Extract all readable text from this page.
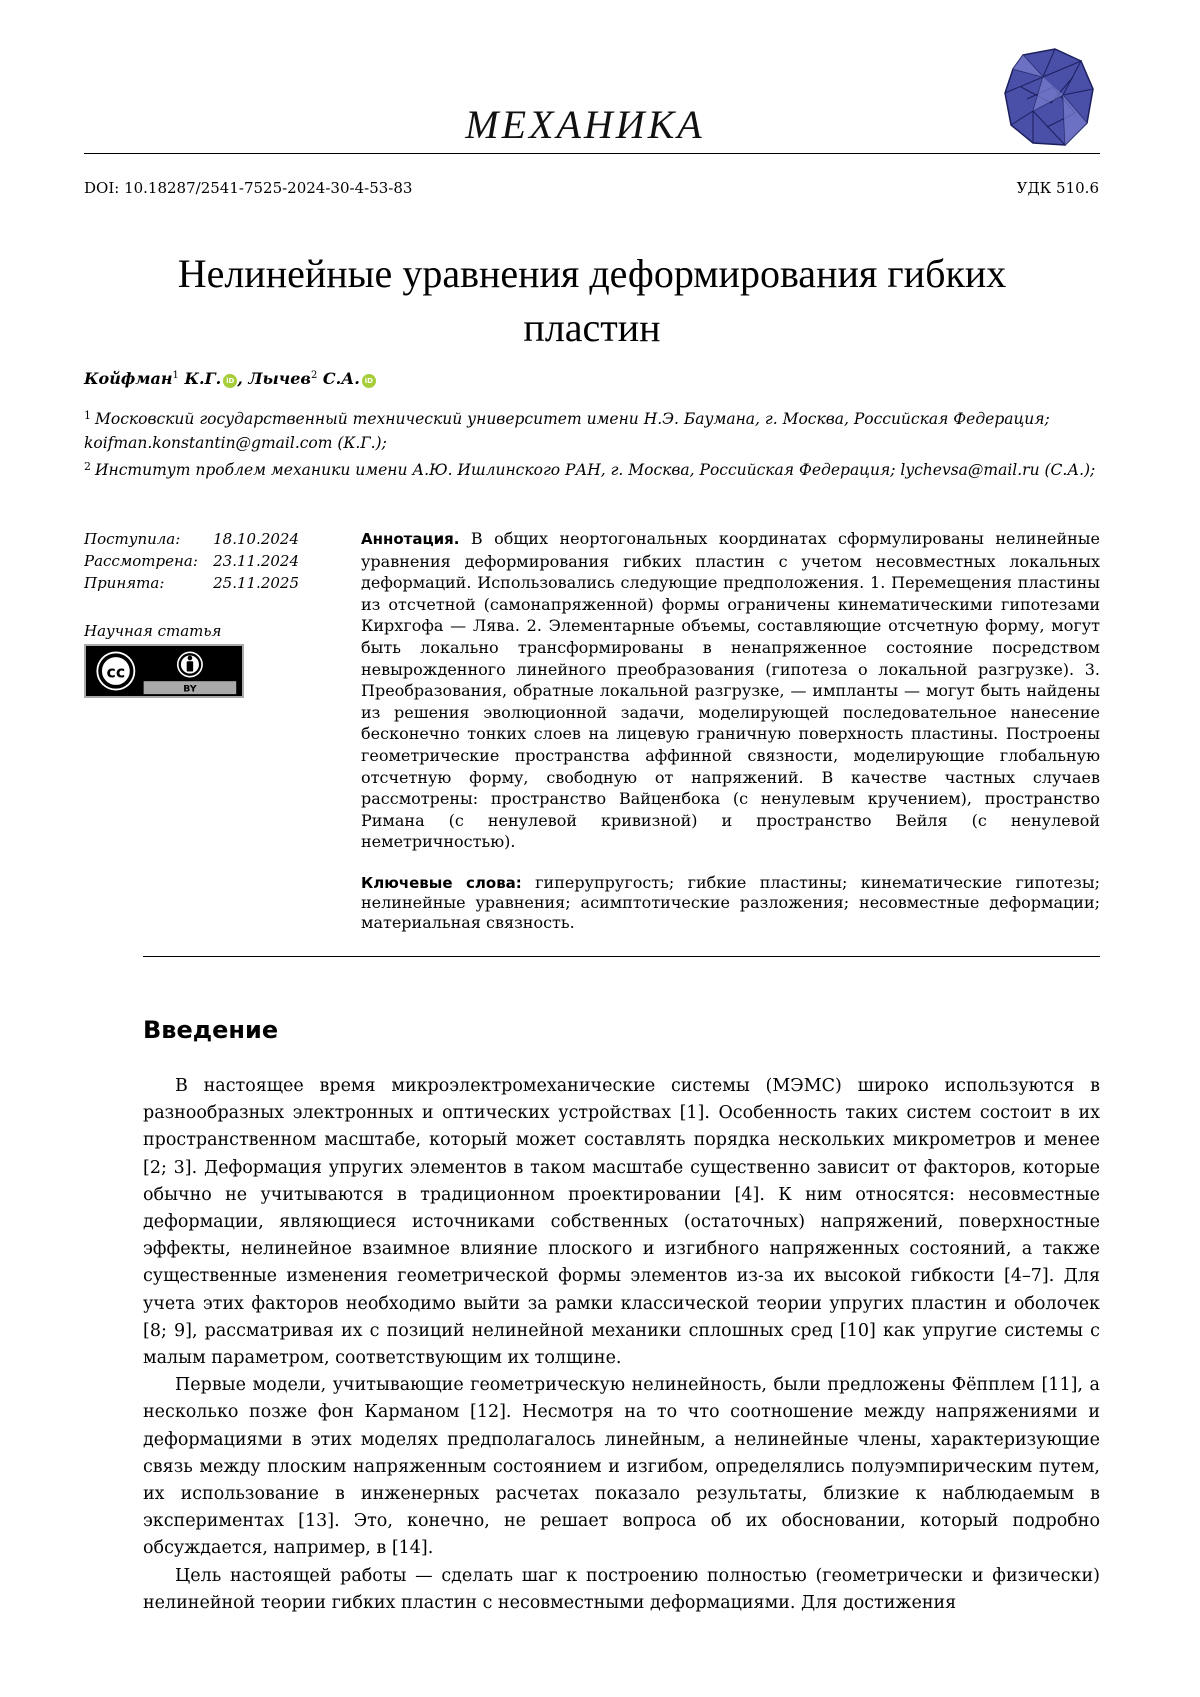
МЕХАНИКА
DOI: 10.18287/2541-7525-2024-30-4-53-83	УДК 510.6
Нелинейные уравнения деформирования гибких
пластин
Койфман$^1$ К.Г. iD , Лычев$^2$ С.А. iD
$^1$ Московский государственный технический университет имени Н.Э. Баумана, г. Москва, Российская Федерация; koifman.konstantin@gmail.com (К.Г.);
$^2$ Институт проблем механики имени А.Ю. Ишлинского РАН, г. Москва, Российская Федерация; lychevsa@mail.ru (С.А.);
Поступила: 18.10.2024
Рассмотрена: 23.11.2024
Принята:	25.11.2025
Научная статья
cc
BY
Аннотация. В общих неортогональных координатах сформулированы нелинейные уравнения деформирования гибких пластин с учетом несовместных локальных деформаций. Использовались следующие предположения. 1. Перемещения пластины из отсчетной (самонапряженной) формы ограничены кинематическими гипотезами Кирхгофа — Лява. 2. Элементарные объемы, составляющие отсчетную форму, могут быть локально трансформированы в ненапряженное состояние посредством невырожденного линейного преобразования (гипотеза о локальной разгрузке). 3. Преобразования, обратные локальной разгрузке, — импланты — могут быть найдены из решения эволюционной задачи, моделирующей последовательное нанесение бесконечно тонких слоев на лицевую граничную поверхность пластины. Построены геометрические пространства аффинной связности, моделирующие глобальную отсчетную форму, свободную от напряжений. В качестве частных случаев рассмотрены: пространство Вайценбока (с ненулевым кручением), пространство Римана (с ненулевой кривизной) и пространство Вейля (с ненулевой неметричностью).
Ключевые слова: гиперупругость; гибкие пластины; кинематические гипотезы; нелинейные уравнения; асимптотические разложения; несовместные деформации; материальная связность.
Введение

В настоящее время микроэлектромеханические системы (МЭМС) широко используются в разнообразных электронных и оптических устройствах [1]. Особенность таких систем состоит в их пространственном масштабе, который может составлять порядка нескольких микрометров и менее [2; 3]. Деформация упругих элементов в таком масштабе существенно зависит от факторов, которые обычно не учитываются в традиционном проектировании [4]. К ним относятся: несовместные деформации, являющиеся источниками собственных (остаточных) напряжений, поверхностные эффекты, нелинейное взаимное влияние плоского и изгибного напряженных состояний, а также существенные изменения геометрической формы элементов из-за их высокой гибкости [4–7]. Для учета этих факторов необходимо выйти за рамки классической теории упругих пластин и оболочек [8; 9], рассматривая их с позиций нелинейной механики сплошных сред [10] как упругие системы с малым параметром, соответствующим их толщине.

Первые модели, учитывающие геометрическую нелинейность, были предложены Фёпплем [11], а несколько позже фон Карманом [12]. Несмотря на то что соотношение между напряжениями и деформациями в этих моделях предполагалось линейным, а нелинейные члены, характеризующие связь между плоским напряженным состоянием и изгибом, определялись полуэмпирическим путем, их использование в инженерных расчетах показало результаты, близкие к наблюдаемым в экспериментах [13]. Это, конечно, не решает вопроса об их обосновании, который подробно обсуждается, например, в [14].

Цель настоящей работы — сделать шаг к построению полностью (геометрически и физически) нелинейной теории гибких пластин с несовместными деформациями. Для достижения
